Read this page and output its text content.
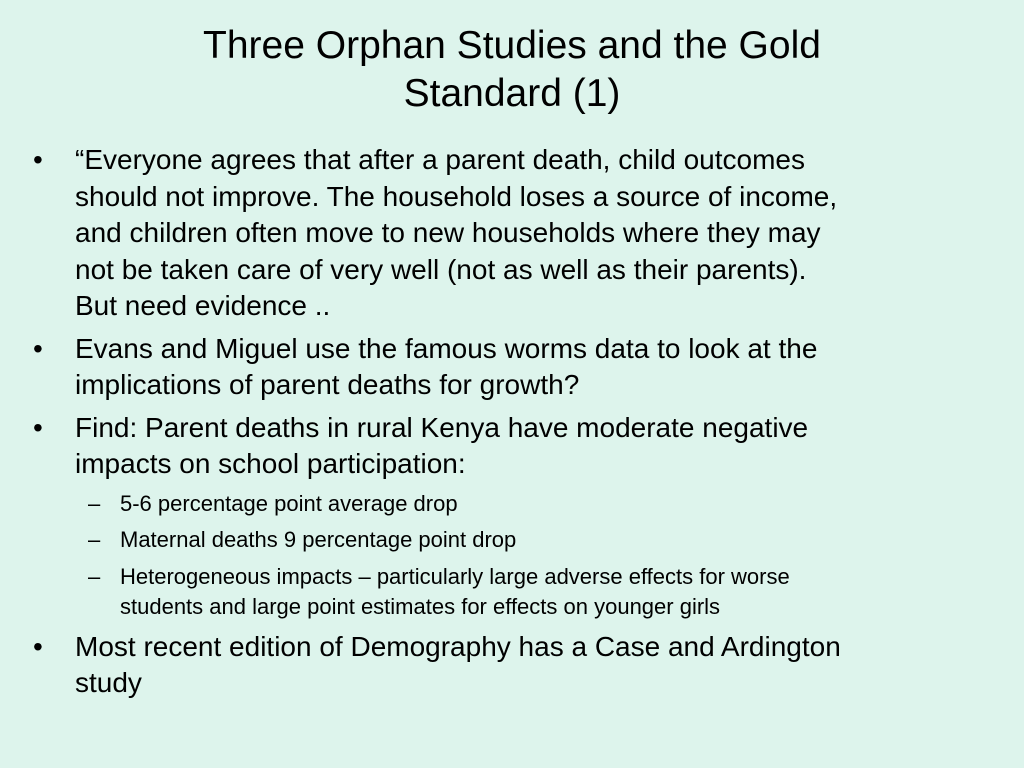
Three Orphan Studies and the Gold
Standard (1)
• “Everyone agrees that after a parent death, child outcomes
should not improve. The household loses a source of income,
and children often move to new households where they may
not be taken care of very well (not as well as their parents).
But need evidence ..
• Evans and Miguel use the famous worms data to look at the
implications of parent deaths for growth?
• Find: Parent deaths in rural Kenya have moderate negative
impacts on school participation:
– 5-6 percentage point average drop
– Maternal deaths 9 percentage point drop
– Heterogeneous impacts – particularly large adverse effects for worse
students and large point estimates for effects on younger girls
• Most recent edition of Demography has a Case and Ardington
study
